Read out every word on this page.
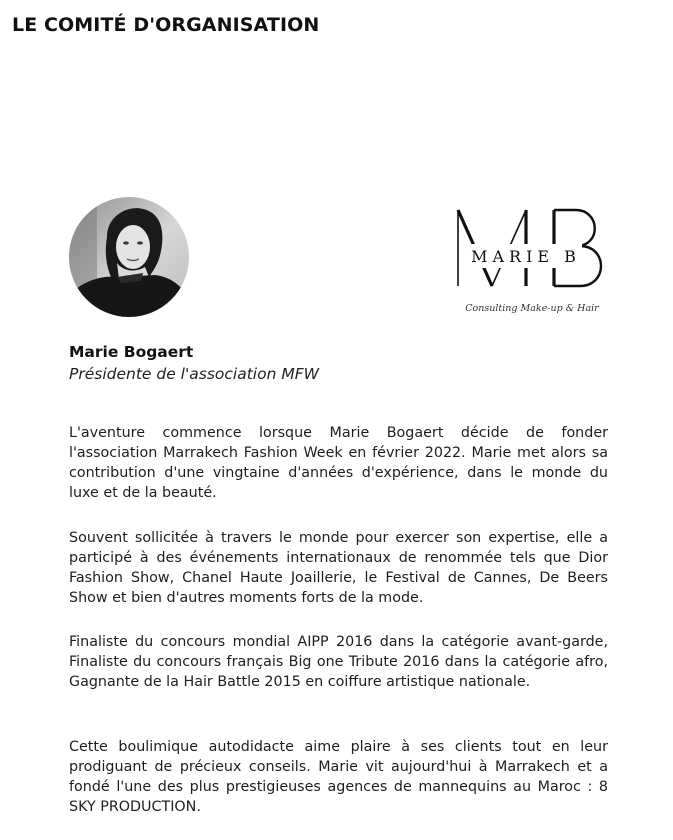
LE COMITÉ D'ORGANISATION
MARIE B
Consulting Make-up & Hair
Marie Bogaert
Présidente de l'association MFW

L'aventure commence lorsque Marie Bogaert décide de fonder l'association Marrakech Fashion Week en février 2022. Marie met alors sa contribution d'une vingtaine d'années d'expérience, dans le monde du luxe et de la beauté.

Souvent sollicitée à travers le monde pour exercer son expertise, elle a participé à des événements internationaux de renommée tels que Dior Fashion Show, Chanel Haute Joaillerie, le Festival de Cannes, De Beers Show et bien d'autres moments forts de la mode.

Finaliste du concours mondial AIPP 2016 dans la catégorie avant-garde, Finaliste du concours français Big one Tribute 2016 dans la catégorie afro, Gagnante de la Hair Battle 2015 en coiffure artistique nationale.

Cette boulimique autodidacte aime plaire à ses clients tout en leur prodiguant de précieux conseils. Marie vit aujourd'hui à Marrakech et a fondé l'une des plus prestigieuses agences de mannequins au Maroc : 8 SKY PRODUCTION.
